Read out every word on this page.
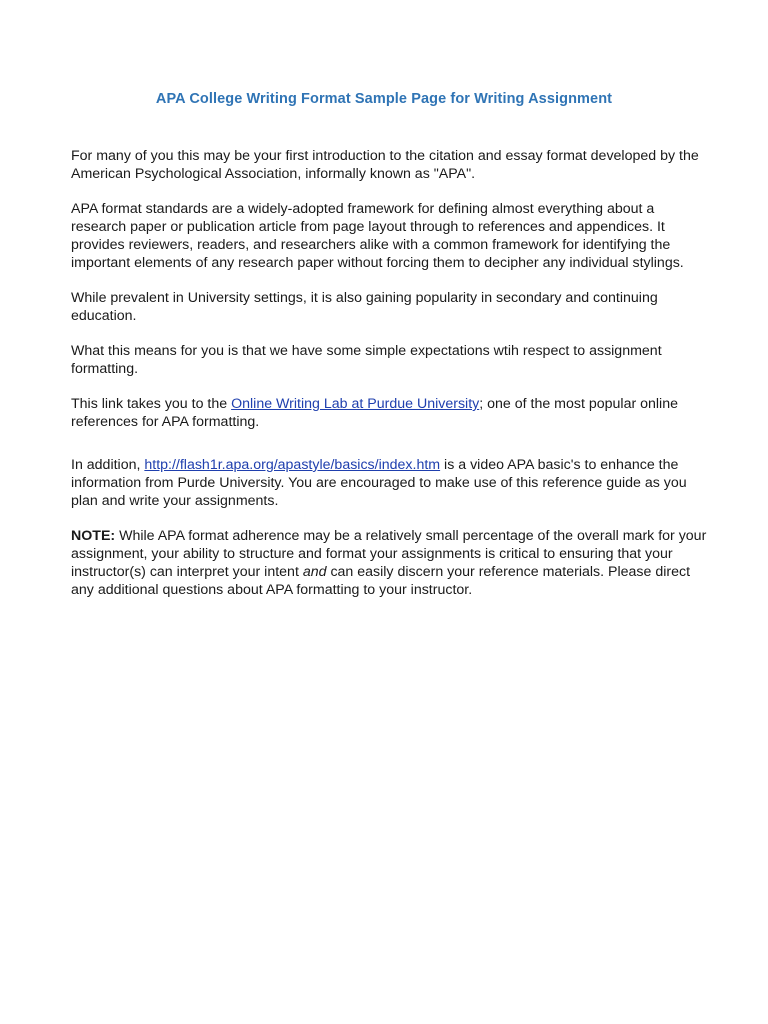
APA College Writing Format Sample Page for Writing Assignment

For many of you this may be your first introduction to the citation and essay format developed by the American Psychological Association, informally known as "APA".

APA format standards are a widely-adopted framework for defining almost everything about a research paper or publication article from page layout through to references and appendices. It provides reviewers, readers, and researchers alike with a common framework for identifying the important elements of any research paper without forcing them to decipher any individual stylings.

While prevalent in University settings, it is also gaining popularity in secondary and continuing education.

What this means for you is that we have some simple expectations wtih respect to assignment formatting.

This link takes you to the Online Writing Lab at Purdue University; one of the most popular online references for APA formatting.

In addition, http://flash1r.apa.org/apastyle/basics/index.htm is a video APA basic's to enhance the information from Purde University. You are encouraged to make use of this reference guide as you plan and write your assignments.

NOTE: While APA format adherence may be a relatively small percentage of the overall mark for your assignment, your ability to structure and format your assignments is critical to ensuring that your instructor(s) can interpret your intent and can easily discern your reference materials. Please direct any additional questions about APA formatting to your instructor.
